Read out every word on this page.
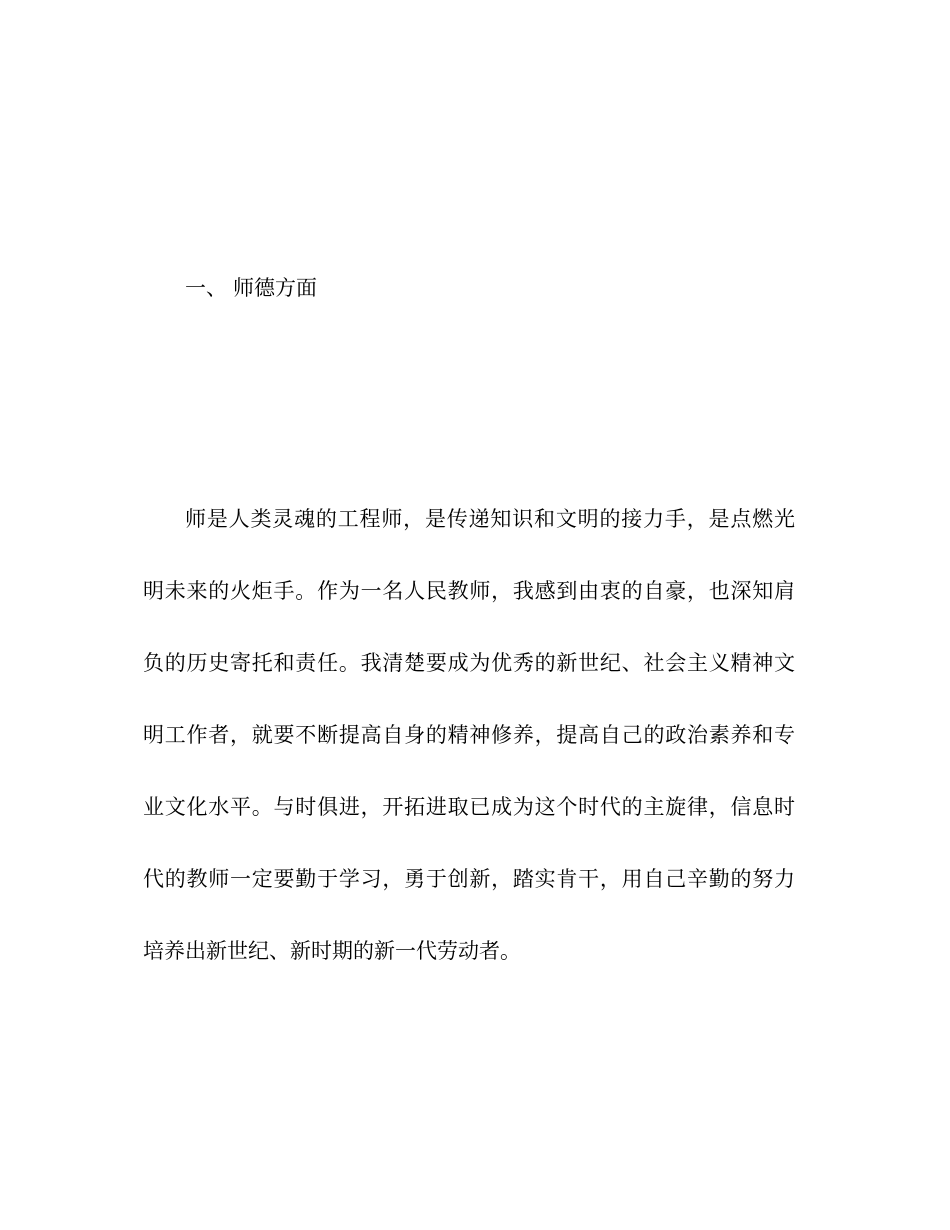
一、 师德方面
师是人类灵魂的工程师，是传递知识和文明的接力手，是点燃光
明未来的火炬手。作为一名人民教师，我感到由衷的自豪，也深知肩
负的历史寄托和责任。我清楚要成为优秀的新世纪、社会主义精神文
明工作者，就要不断提高自身的精神修养，提高自己的政治素养和专
业文化水平。与时俱进，开拓进取已成为这个时代的主旋律，信息时
代的教师一定要勤于学习，勇于创新，踏实肯干，用自己辛勤的努力
培养出新世纪、新时期的新一代劳动者。
